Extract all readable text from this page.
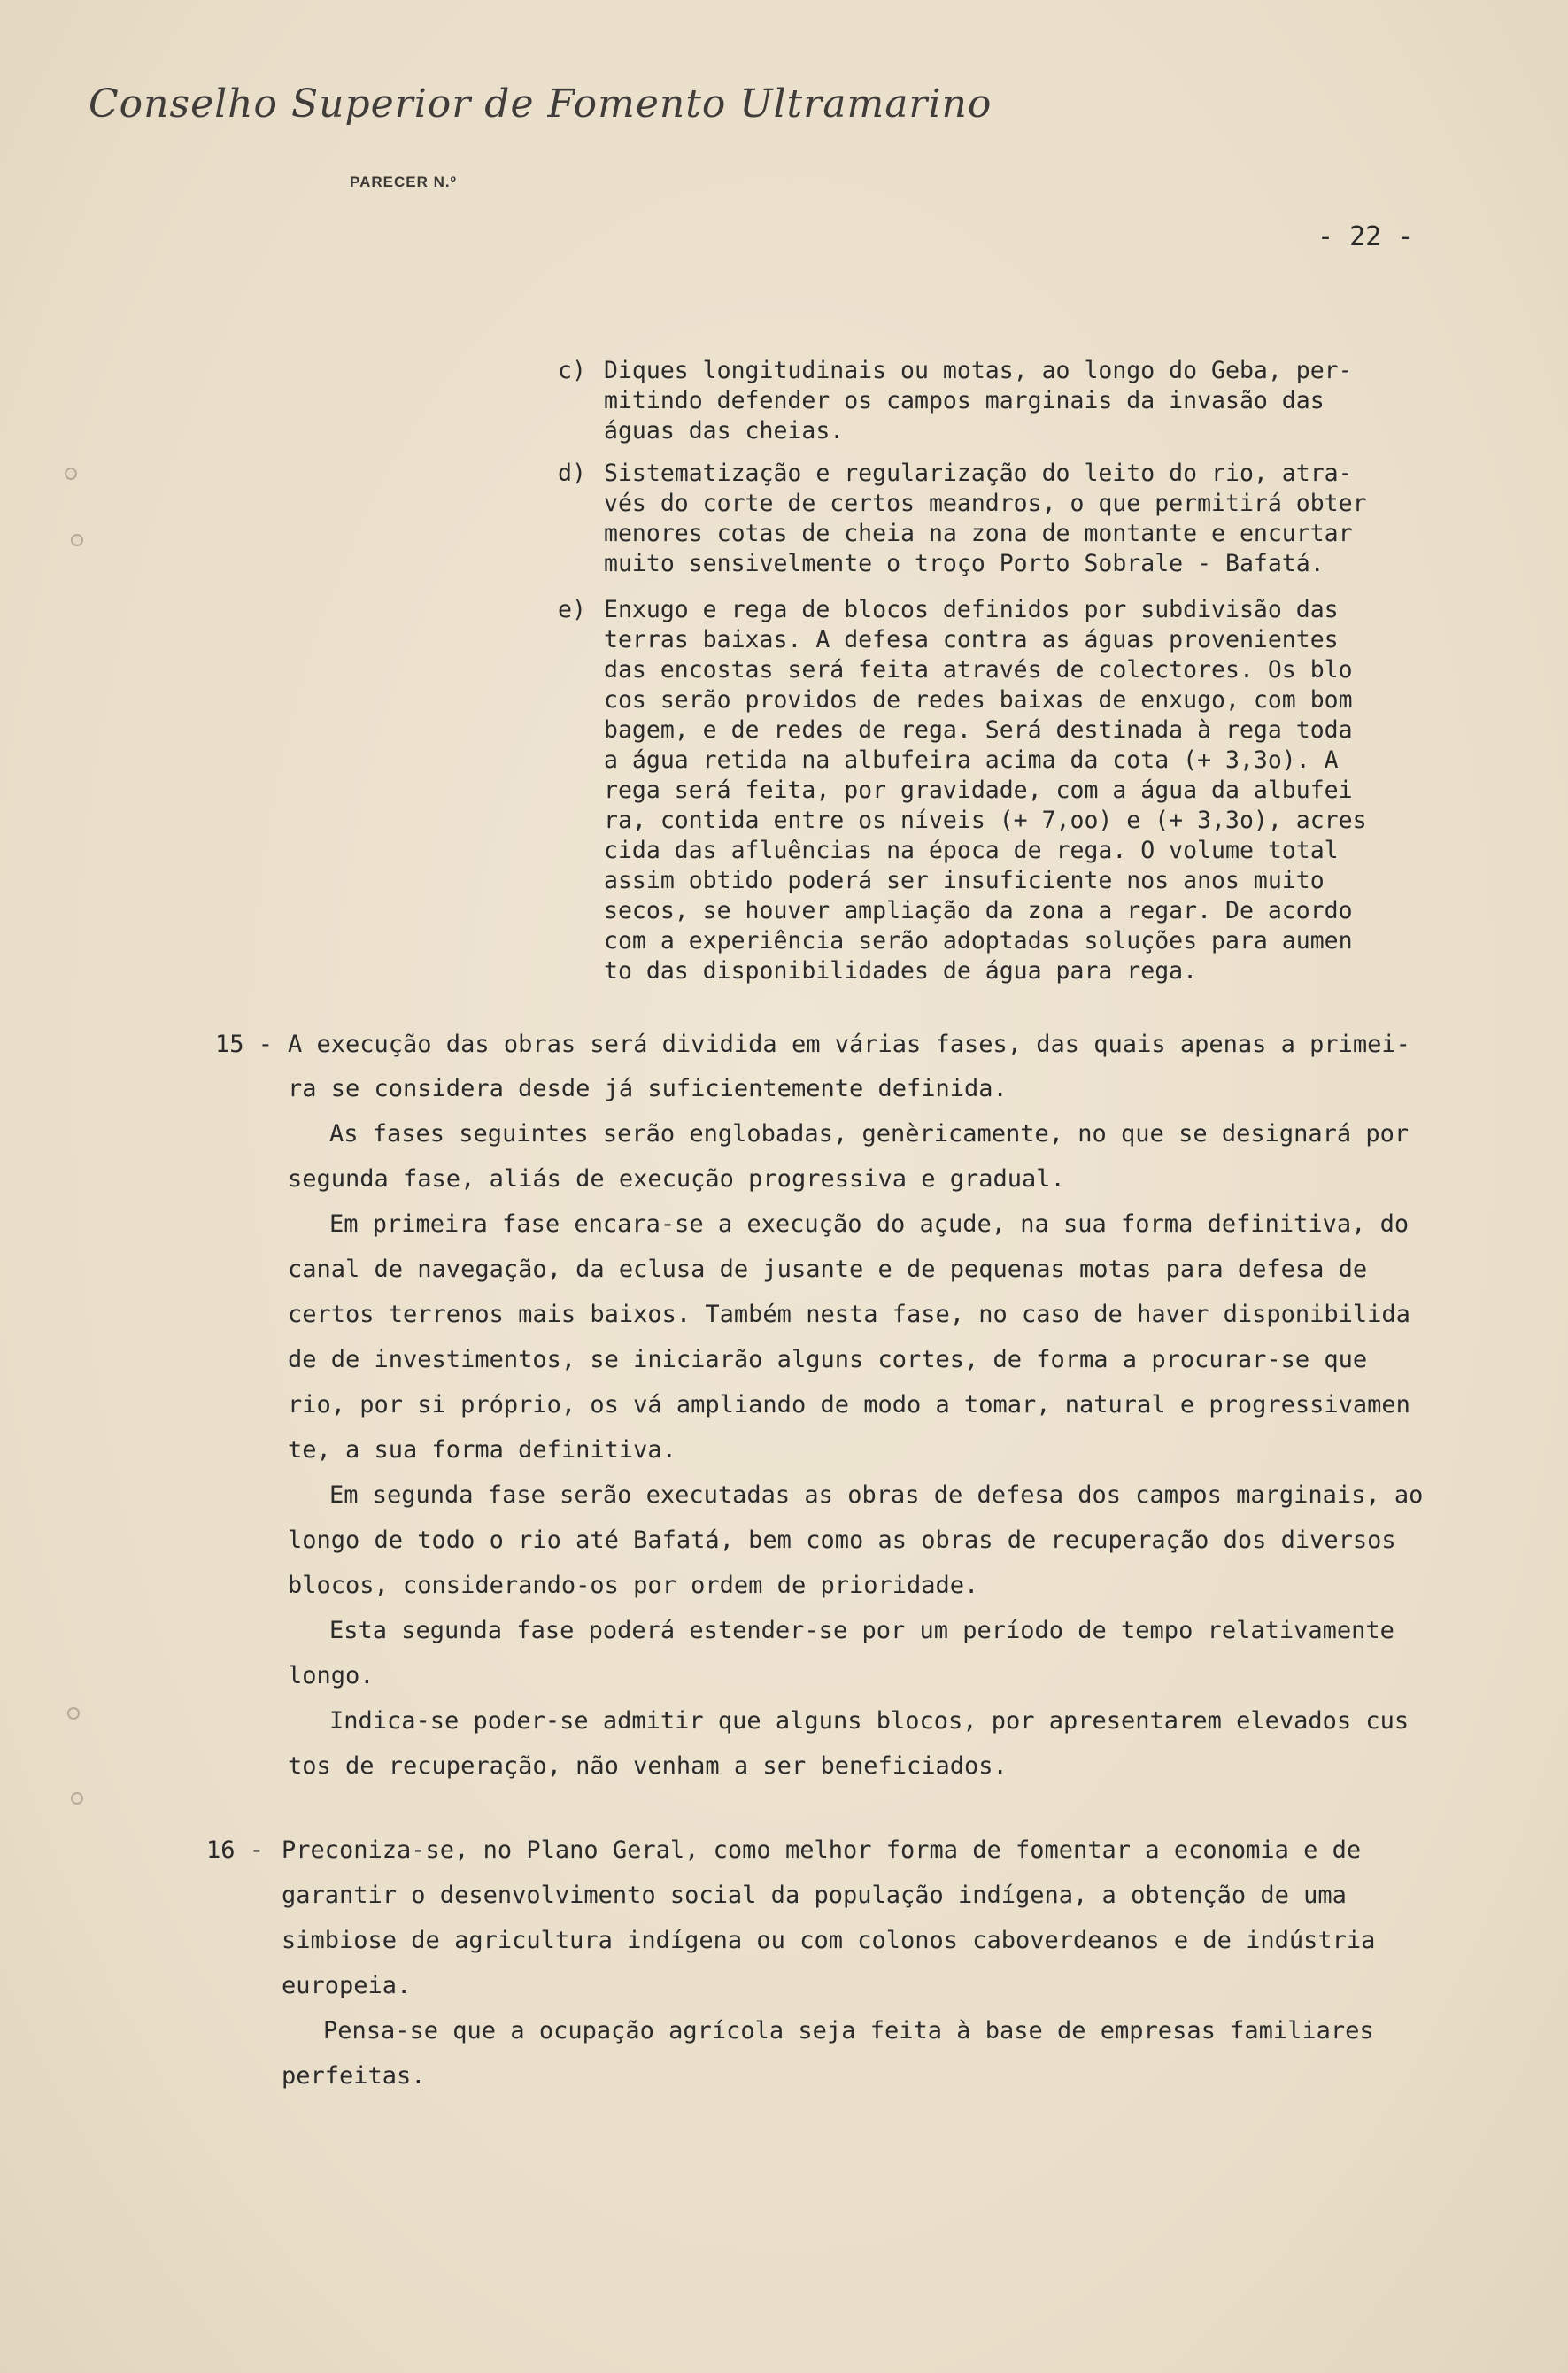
Conselho Superior de Fomento Ultramarino
PARECER N.º
- 22 -
c) Diques longitudinais ou motas, ao longo do Geba, per-
mitindo defender os campos marginais da invasão das
águas das cheias.
d) Sistematização e regularização do leito do rio, atra-
vés do corte de certos meandros, o que permitirá obter
menores cotas de cheia na zona de montante e encurtar
muito sensivelmente o troço Porto Sobrale - Bafatá.
e) Enxugo e rega de blocos definidos por subdivisão das
terras baixas. A defesa contra as águas provenientes
das encostas será feita através de colectores. Os blo
cos serão providos de redes baixas de enxugo, com bom
bagem, e de redes de rega. Será destinada à rega toda
a água retida na albufeira acima da cota (+ 3,3o). A
rega será feita, por gravidade, com a água da albufei
ra, contida entre os níveis (+ 7,oo) e (+ 3,3o), acres
cida das afluências na época de rega. O volume total
assim obtido poderá ser insuficiente nos anos muito
secos, se houver ampliação da zona a regar. De acordo
com a experiência serão adoptadas soluções para aumen
to das disponibilidades de água para rega.
15 - A execução das obras será dividida em várias fases, das quais apenas a primei-
ra se considera desde já suficientemente definida.
As fases seguintes serão englobadas, genèricamente, no que se designará por
segunda fase, aliás de execução progressiva e gradual.
Em primeira fase encara-se a execução do açude, na sua forma definitiva, do
canal de navegação, da eclusa de jusante e de pequenas motas para defesa de
certos terrenos mais baixos. Também nesta fase, no caso de haver disponibilida
de de investimentos, se iniciarão alguns cortes, de forma a procurar-se que
rio, por si próprio, os vá ampliando de modo a tomar, natural e progressivamen
te, a sua forma definitiva.
Em segunda fase serão executadas as obras de defesa dos campos marginais, ao
longo de todo o rio até Bafatá, bem como as obras de recuperação dos diversos
blocos, considerando-os por ordem de prioridade.
Esta segunda fase poderá estender-se por um período de tempo relativamente
longo.
Indica-se poder-se admitir que alguns blocos, por apresentarem elevados cus
tos de recuperação, não venham a ser beneficiados.
16 - Preconiza-se, no Plano Geral, como melhor forma de fomentar a economia e de
garantir o desenvolvimento social da população indígena, a obtenção de uma
simbiose de agricultura indígena ou com colonos caboverdeanos e de indústria
europeia.
Pensa-se que a ocupação agrícola seja feita à base de empresas familiares
perfeitas.
